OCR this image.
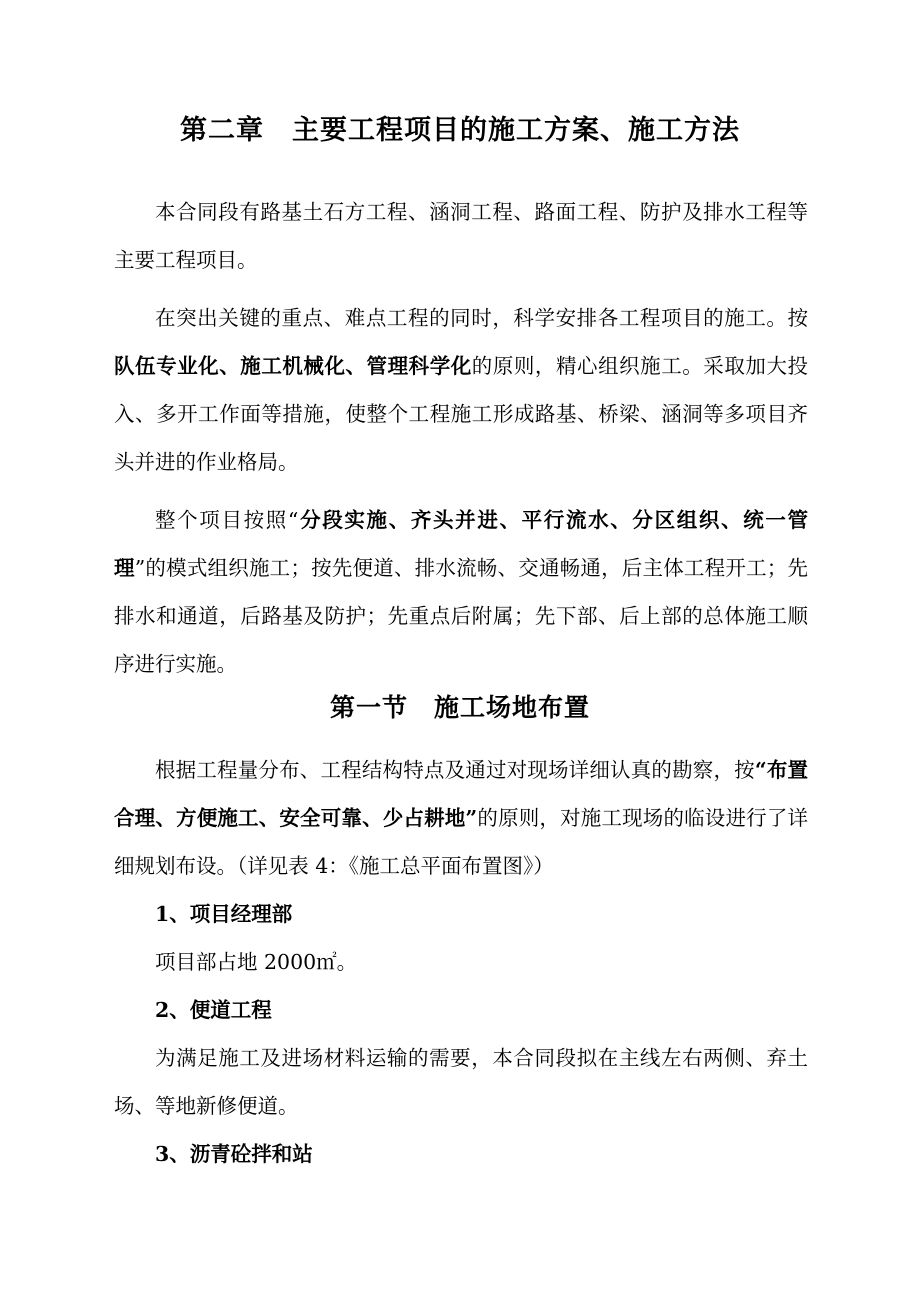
第二章　主要工程项目的施工方案、施工方法

本合同段有路基土石方工程、涵洞工程、路面工程、防护及排水工程等主要工程项目。

在突出关键的重点、难点工程的同时，科学安排各工程项目的施工。按队伍专业化、施工机械化、管理科学化的原则，精心组织施工。采取加大投入、多开工作面等措施，使整个工程施工形成路基、桥梁、涵洞等多项目齐头并进的作业格局。

整个项目按照“分段实施、齐头并进、平行流水、分区组织、统一管理”的模式组织施工；按先便道、排水流畅、交通畅通，后主体工程开工；先排水和通道，后路基及防护；先重点后附属；先下部、后上部的总体施工顺序进行实施。

第一节　施工场地布置

根据工程量分布、工程结构特点及通过对现场详细认真的勘察，按“布置合理、方便施工、安全可靠、少占耕地”的原则，对施工现场的临设进行了详细规划布设。（详见表 4：《施工总平面布置图》）

1、项目经理部

项目部占地 2000㎡。

2、便道工程

为满足施工及进场材料运输的需要，本合同段拟在主线左右两侧、弃土场、等地新修便道。

3、沥青砼拌和站
